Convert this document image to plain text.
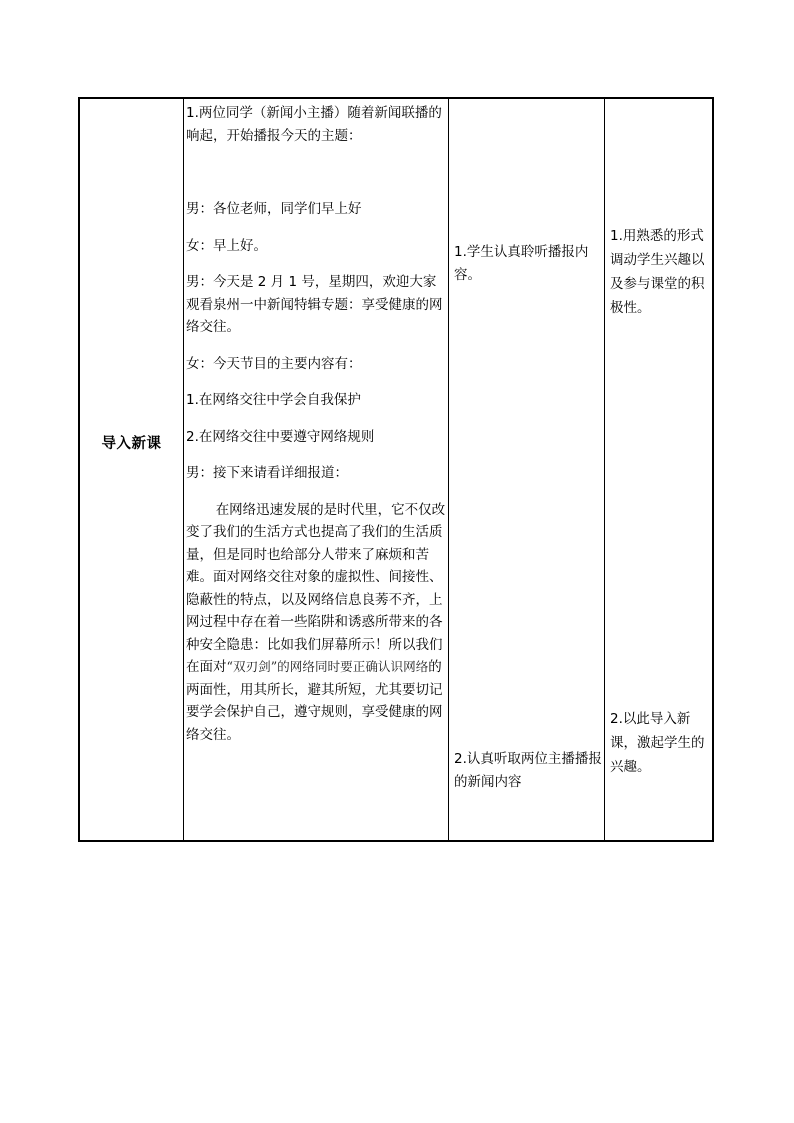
导入新课

1.两位同学（新闻小主播）随着新闻联播的响起，开始播报今天的主题：

男：各位老师，同学们早上好

女：早上好。

男：今天是 2 月 1 号，星期四，欢迎大家观看泉州一中新闻特辑专题：享受健康的网络交往。

女：今天节目的主要内容有：

1.在网络交往中学会自我保护

2.在网络交往中要遵守网络规则

男：接下来请看详细报道：

在网络迅速发展的是时代里，它不仅改变了我们的生活方式也提高了我们的生活质量，但是同时也给部分人带来了麻烦和苦难。面对网络交往对象的虚拟性、间接性、隐蔽性的特点，以及网络信息良莠不齐，上网过程中存在着一些陷阱和诱惑所带来的各种安全隐患：比如我们屏幕所示！所以我们在面对“双刃剑”的网络同时要正确认识网络的两面性，用其所长，避其所短，尤其要切记要学会保护自己，遵守规则，享受健康的网络交往。

1.学生认真聆听播报内容。
2.认真听取两位主播播报的新闻内容
1.用熟悉的形式调动学生兴趣以及参与课堂的积极性。
2.以此导入新课，激起学生的兴趣。
